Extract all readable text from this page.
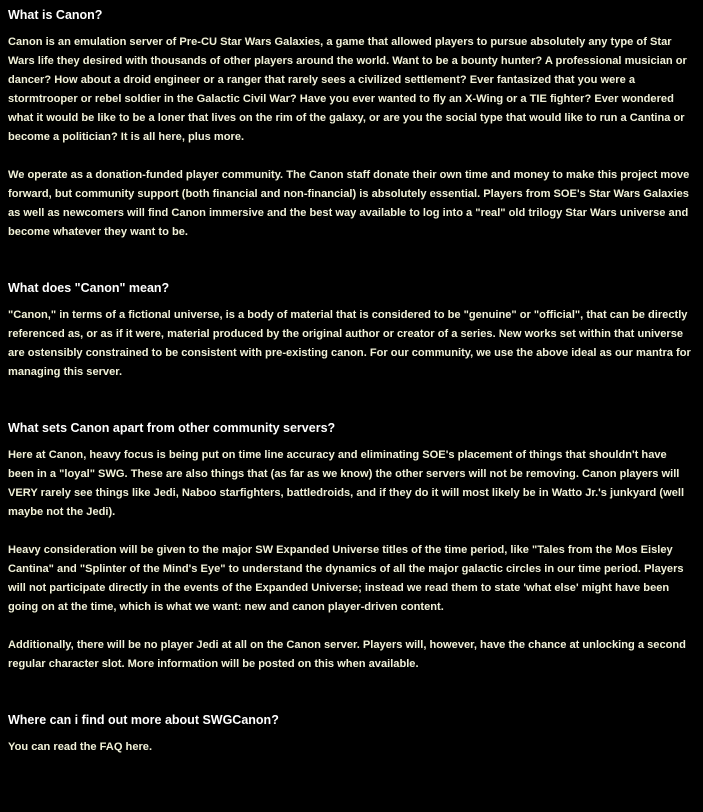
What is Canon?

Canon is an emulation server of Pre-CU Star Wars Galaxies, a game that allowed players to pursue absolutely any type of Star Wars life they desired with thousands of other players around the world. Want to be a bounty hunter? A professional musician or dancer? How about a droid engineer or a ranger that rarely sees a civilized settlement? Ever fantasized that you were a stormtrooper or rebel soldier in the Galactic Civil War? Have you ever wanted to fly an X-Wing or a TIE fighter? Ever wondered what it would be like to be a loner that lives on the rim of the galaxy, or are you the social type that would like to run a Cantina or become a politician? It is all here, plus more.

We operate as a donation-funded player community. The Canon staff donate their own time and money to make this project move forward, but community support (both financial and non-financial) is absolutely essential. Players from SOE's Star Wars Galaxies as well as newcomers will find Canon immersive and the best way available to log into a "real" old trilogy Star Wars universe and become whatever they want to be.

What does "Canon" mean?

"Canon," in terms of a fictional universe, is a body of material that is considered to be "genuine" or "official", that can be directly referenced as, or as if it were, material produced by the original author or creator of a series. New works set within that universe are ostensibly constrained to be consistent with pre-existing canon. For our community, we use the above ideal as our mantra for managing this server.

What sets Canon apart from other community servers?

Here at Canon, heavy focus is being put on time line accuracy and eliminating SOE's placement of things that shouldn't have been in a "loyal" SWG. These are also things that (as far as we know) the other servers will not be removing. Canon players will VERY rarely see things like Jedi, Naboo starfighters, battledroids, and if they do it will most likely be in Watto Jr.'s junkyard (well maybe not the Jedi).

Heavy consideration will be given to the major SW Expanded Universe titles of the time period, like "Tales from the Mos Eisley Cantina" and "Splinter of the Mind's Eye" to understand the dynamics of all the major galactic circles in our time period. Players will not participate directly in the events of the Expanded Universe; instead we read them to state 'what else' might have been going on at the time, which is what we want: new and canon player-driven content.

Additionally, there will be no player Jedi at all on the Canon server. Players will, however, have the chance at unlocking a second regular character slot. More information will be posted on this when available.

Where can i find out more about SWGCanon?

You can read the FAQ here.
